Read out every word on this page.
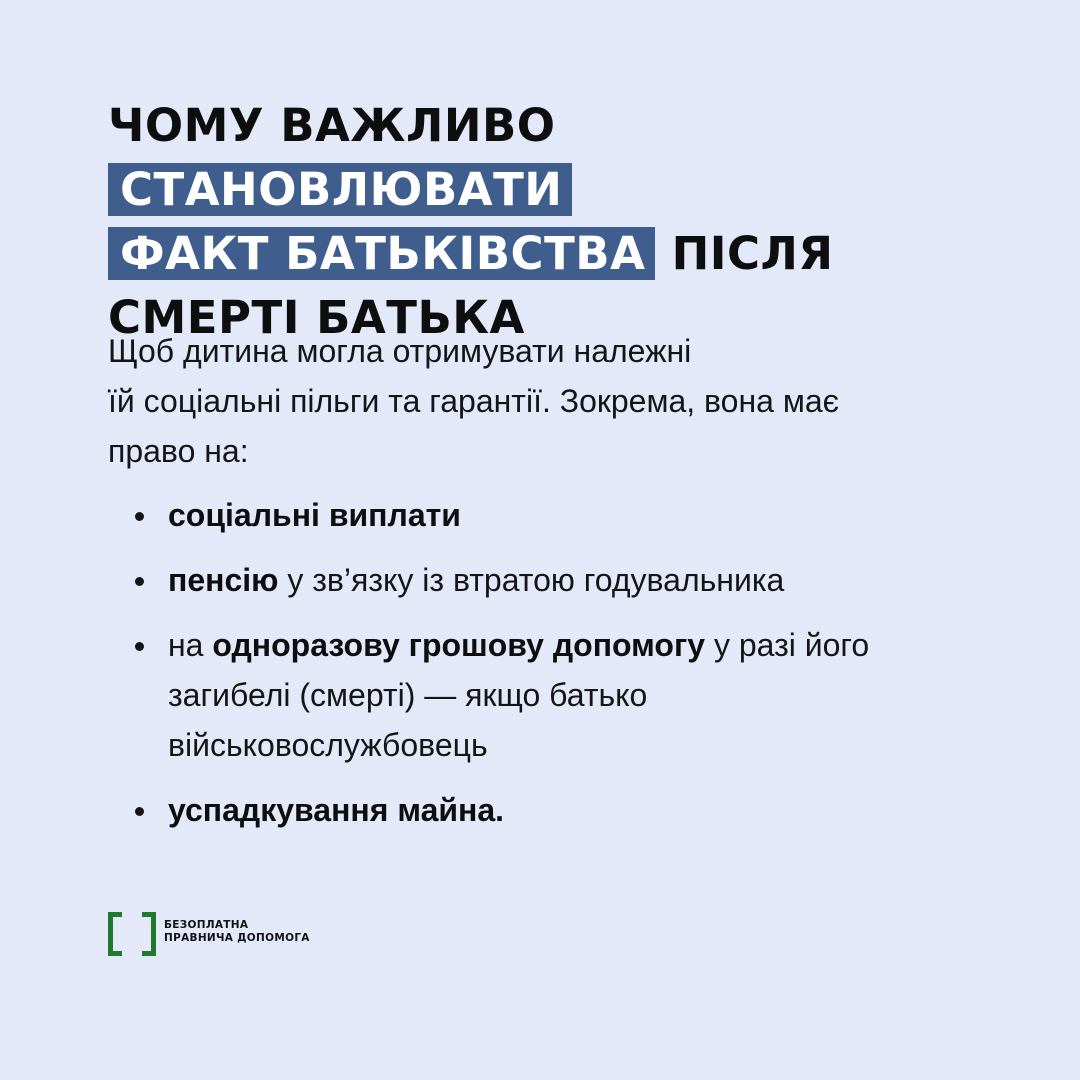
ЧОМУ ВАЖЛИВО СТАНОВЛЮВАТИ
ФАКТ БАТЬКІВСТВА ПІСЛЯ СМЕРТІ БАТЬКА
Щоб дитина могла отримувати належні
їй соціальні пільги та гарантії. Зокрема, вона має
право на:
соціальні виплати
пенсію у зв’язку із втратою годувальника
на одноразову грошову допомогу у разі його загибелі (смерті) — якщо батько військовослужбовець
успадкування майна.
БЕЗОПЛАТНА
ПРАВНИЧА ДОПОМОГА
